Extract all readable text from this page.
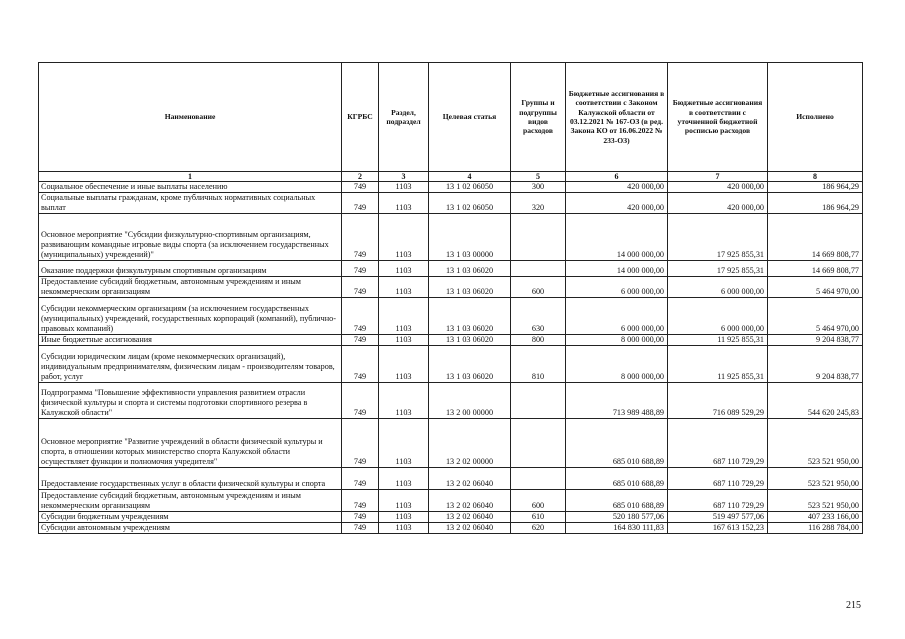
Наименование	КГРБС	Раздел, подраздел	Целевая статья	Группы и подгруппы видов расходов	Бюджетные ассигнования в соответствии с Законом Калужской области от 03.12.2021 № 167-ОЗ (в ред. Закона КО от 16.06.2022 № 233-ОЗ)	Бюджетные ассигнования в соответствии с уточненной бюджетной росписью расходов	Исполнено
1	2	3	4	5	6	7	8
Социальное обеспечение и иные выплаты населению	749	1103	13 1 02 06050	300	420 000,00	420 000,00	186 964,29
Социальные выплаты гражданам, кроме публичных нормативных социальных выплат	749	1103	13 1 02 06050	320	420 000,00	420 000,00	186 964,29
Основное мероприятие "Субсидии физкультурно-спортивным организациям, развивающим командные игровые виды спорта (за исключением государственных (муниципальных) учреждений)"	749	1103	13 1 03 00000		14 000 000,00	17 925 855,31	14 669 808,77
Оказание поддержки физкультурным спортивным организациям	749	1103	13 1 03 06020		14 000 000,00	17 925 855,31	14 669 808,77
Предоставление субсидий бюджетным, автономным учреждениям и иным некоммерческим организациям	749	1103	13 1 03 06020	600	6 000 000,00	6 000 000,00	5 464 970,00
Субсидии некоммерческим организациям (за исключением государственных (муниципальных) учреждений, государственных корпораций (компаний), публично-правовых компаний)	749	1103	13 1 03 06020	630	6 000 000,00	6 000 000,00	5 464 970,00
Иные бюджетные ассигнования	749	1103	13 1 03 06020	800	8 000 000,00	11 925 855,31	9 204 838,77
Субсидии юридическим лицам (кроме некоммерческих организаций), индивидуальным предпринимателям, физическим лицам - производителям товаров, работ, услуг	749	1103	13 1 03 06020	810	8 000 000,00	11 925 855,31	9 204 838,77
Подпрограмма "Повышение эффективности управления развитием отрасли физической культуры и спорта и системы подготовки спортивного резерва в Калужской области"	749	1103	13 2 00 00000		713 989 488,89	716 089 529,29	544 620 245,83
Основное мероприятие "Развитие учреждений в области физической культуры и спорта, в отношении которых министерство спорта Калужской области осуществляет функции и полномочия учредителя"	749	1103	13 2 02 00000		685 010 688,89	687 110 729,29	523 521 950,00
Предоставление государственных услуг в области физической культуры и спорта	749	1103	13 2 02 06040		685 010 688,89	687 110 729,29	523 521 950,00
Предоставление субсидий бюджетным, автономным учреждениям и иным некоммерческим организациям	749	1103	13 2 02 06040	600	685 010 688,89	687 110 729,29	523 521 950,00
Субсидии бюджетным учреждениям	749	1103	13 2 02 06040	610	520 180 577,06	519 497 577,06	407 233 166,00
Субсидии автономным учреждениям	749	1103	13 2 02 06040	620	164 830 111,83	167 613 152,23	116 288 784,00
215
